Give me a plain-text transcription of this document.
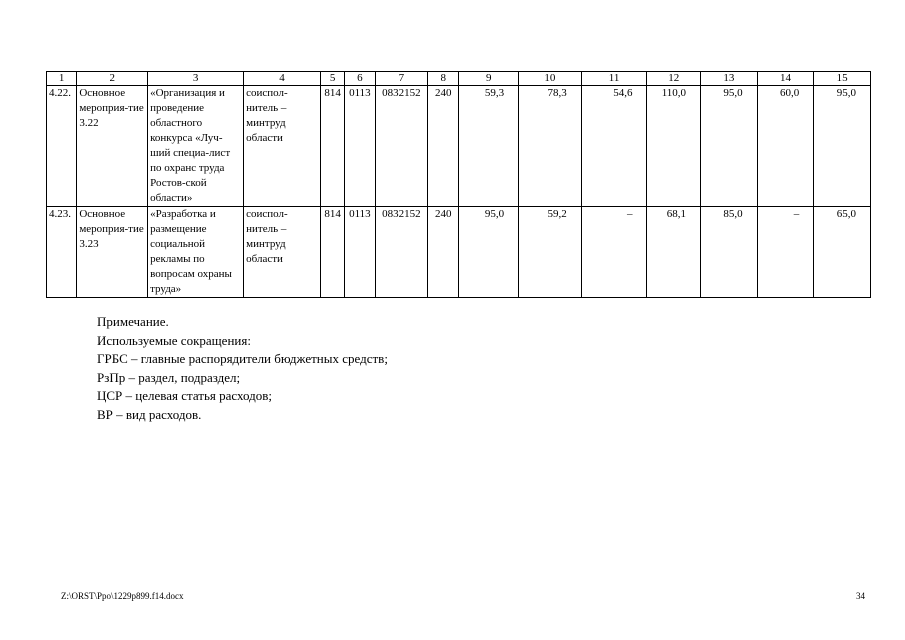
1	2	3	4	5	6	7	8	9	10	11	12	13	14	15
4.22.	Основное мероприя-тие 3.22	«Организация и проведение областного конкурса «Луч-ший специа-лист по охранс труда Ростов-ской области»	соиспол-нитель – минтруд области	814	0113	0832152	240	59,3	78,3	54,6	110,0	95,0	60,0	95,0
4.23.	Основное мероприя-тие 3.23	«Разработка и размещение социальной рекламы по вопросам охраны труда»	соиспол-нитель – минтруд области	814	0113	0832152	240	95,0	59,2	–	68,1	85,0	–	65,0
Примечание.
Используемые сокращения:
ГРБС – главные распорядители бюджетных средств;
РзПр – раздел, подраздел;
ЦСР – целевая статья расходов;
ВР – вид расходов.
Z:\ORST\Ppo\1229p899.f14.docx	34
